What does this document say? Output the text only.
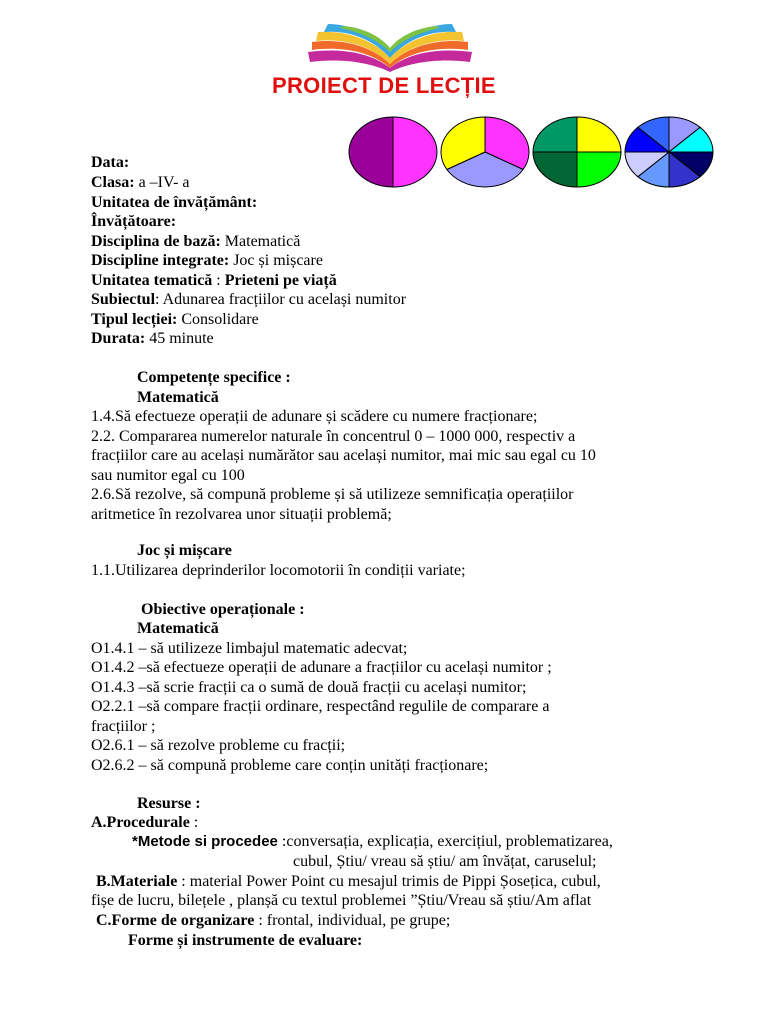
PROIECT DE LECȚIE
Data:
Clasa: a –IV- a
Unitatea de învățământ:
Învățătoare:
Disciplina de bază: Matematică
Discipline integrate: Joc și mișcare
Unitatea tematică : Prieteni pe viață
Subiectul: Adunarea fracțiilor cu același numitor
Tipul lecției: Consolidare
Durata: 45 minute
Competențe specifice :
Matematică
1.4.Să efectueze operații de adunare și scădere cu numere fracționare;
2.2. Compararea numerelor naturale în concentrul 0 – 1000 000, respectiv a
fracțiilor care au același numărător sau același numitor, mai mic sau egal cu 10
sau numitor egal cu 100
2.6.Să rezolve, să compună probleme și să utilizeze semnificația operațiilor
aritmetice în rezolvarea unor situații problemă;
Joc și mișcare
1.1.Utilizarea deprinderilor locomotorii în condiții variate;
Obiective operaționale :
Matematică
O1.4.1 – să utilizeze limbajul matematic adecvat;
O1.4.2 –să efectueze operații de adunare a fracțiilor cu același numitor ;
O1.4.3 –să scrie fracții ca o sumă de două fracții cu același numitor;
O2.2.1 –să compare fracții ordinare, respectând regulile de comparare a
fracțiilor ;
O2.6.1 – să rezolve probleme cu fracții;
O2.6.2 – să compună probleme care conțin unități fracționare;
Resurse :
A.Procedurale :
*Metode si procedee :conversația, explicația, exercițiul, problematizarea,
cubul, Știu/ vreau să știu/ am învățat, caruselul;
B.Materiale : material Power Point cu mesajul trimis de Pippi Șosețica, cubul,
fișe de lucru, bilețele , planșă cu textul problemei ”Știu/Vreau să știu/Am aflat
C.Forme de organizare : frontal, individual, pe grupe;
Forme și instrumente de evaluare:
